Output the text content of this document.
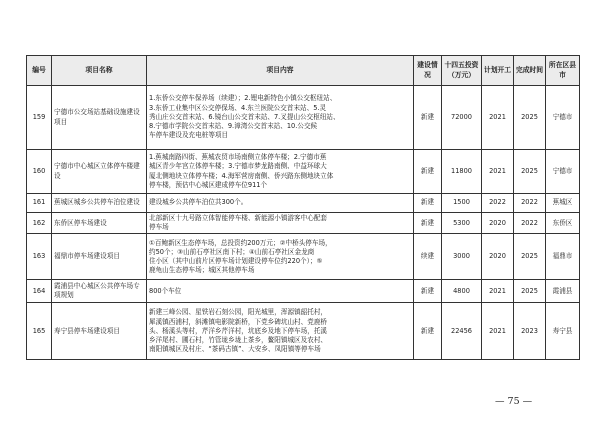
编号	项目名称	项目内容	建设情况	十四五投资（万元）	计划开工	完成时间	所在区县市
159	宁德市公交场站基础设施建设项目	1.东侨公交停车保养场（续建）；2.锂电新特色小镇公交枢纽站、
3.东侨工业集中区公交停保场、4.东兰医院公交首末站、5.灵
秀山庄公交首末站、6.镜台山公交首末站、7.叉提山公交枢纽站、
8.宁德市学院公交首末站、9.漳湾公交首末站、10.公交候
车停车建设及充电桩等项目	新建	72000	2021	2025	宁德市
160	宁德市中心城区立体停车楼建设	1.蕉城南路四街、蕉城农贸市场南侧立体停车楼；2.宁德市蕉
城区青少年宫立体停车楼；3.宁德市梦龙路南侧、中益环球大
厦北侧地块立体停车楼；4.海军营房南侧、侨兴路东侧地块立体
停车楼，预估中心城区建成停车位911个	新建	11800	2021	2025	宁德市
161	蕉城区城乡公共停车泊位建设	建设城乡公共停车泊位共300个。	新建	1500	2022	2022	蕉城区
162	东侨区停车场建设	北部新区十九号路立体智能停车楼、新能源小镇游客中心配套
停车场	新建	5300	2020	2022	东侨区
163	福鼎市停车场建设项目	①百鲍新区生态停车场，总投资约200万元；②中桥头停车场，
约50个；③山前石亭社区南下村；④山前石亭社区金龙商
住小区（其中山前片区停车场计划建设停车位约220个）；⑤
鹿龟山生态停车场；城区其他停车场	续建	3000	2020	2025	福鼎市
164	霞浦县中心城区公共停车场专项规划	800个车位	新建	4800	2021	2025	霞浦县
165	寿宁县停车场建设项目	新建三峰公园、星铁岩石刻公园，阳光城里，浑源镇韶托村，
犀溪镇西浦村，斜滩镇电影院新桥，下党乡碑坑山村、党鹿桥
头、杨溪头等村，芹洋乡芹洋村，坑底乡及地下停车场，托溪
乡洋尾村、圃石村，竹管垅乡垅上茶乡，鳌阳镇城区及农村、
南阳镇城区及村庄、“茶码古镇”、大安乡、凤阳镇等停车场	新建	22456	2021	2023	寿宁县
— 75 —
